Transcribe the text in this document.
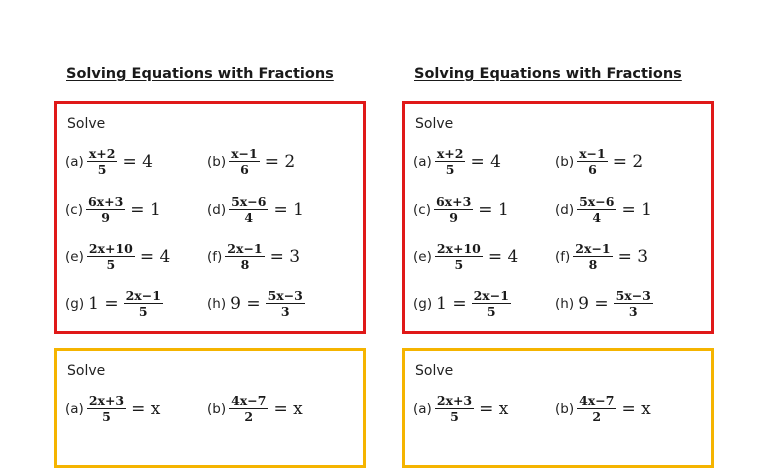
Solving Equations with Fractions
Solve
$(a) \frac{x+2}{5} = 4$	$(b) \frac{x-1}{6} = 2$
$(c) \frac{6x+3}{9} = 1$	$(d) \frac{5x-6}{4} = 1$
$(e) \frac{2x+10}{5} = 4$	$(f) \frac{2x-1}{8} = 3$
(g) $1 = \frac{2x-1}{5}$	(h) $9 = \frac{5x-3}{3}$
Solve
$(a) \frac{2x+3}{5} = x$	$(b) \frac{4x-7}{2} = x$
Solving Equations with Fractions
Solve
$(a) \frac{x+2}{5} = 4$	$(b) \frac{x-1}{6} = 2$
$(c) \frac{6x+3}{9} = 1$	$(d) \frac{5x-6}{4} = 1$
$(e) \frac{2x+10}{5} = 4$	$(f) \frac{2x-1}{8} = 3$
(g) $1 = \frac{2x-1}{5}$	(h) $9 = \frac{5x-3}{3}$
Solve
$(a) \frac{2x+3}{5} = x$	$(b) \frac{4x-7}{2} = x$
